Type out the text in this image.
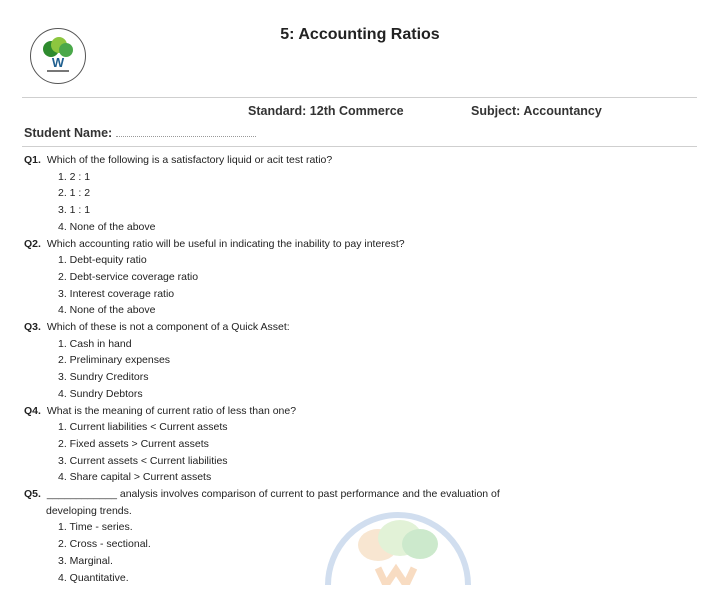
W
5: Accounting Ratios
Standard: 12th Commerce	Subject: Accountancy
Student Name:
Q1. Which of the following is a satisfactory liquid or acit test ratio?
1. 2 : 1
2. 1 : 2
3. 1 : 1
4. None of the above
Q2. Which accounting ratio will be useful in indicating the inability to pay interest?
1. Debt-equity ratio
2. Debt-service coverage ratio
3. Interest coverage ratio
4. None of the above
Q3. Which of these is not a component of a Quick Asset:
1. Cash in hand
2. Preliminary expenses
3. Sundry Creditors
4. Sundry Debtors
Q4. What is the meaning of current ratio of less than one?
1. Current liabilities < Current assets
2. Fixed assets > Current assets
3. Current assets < Current liabilities
4. Share capital > Current assets
Q5. ____________ analysis involves comparison of current to past performance and the evaluation of
developing trends.
1. Time - series.
2. Cross - sectional.
3. Marginal.
4. Quantitative.
